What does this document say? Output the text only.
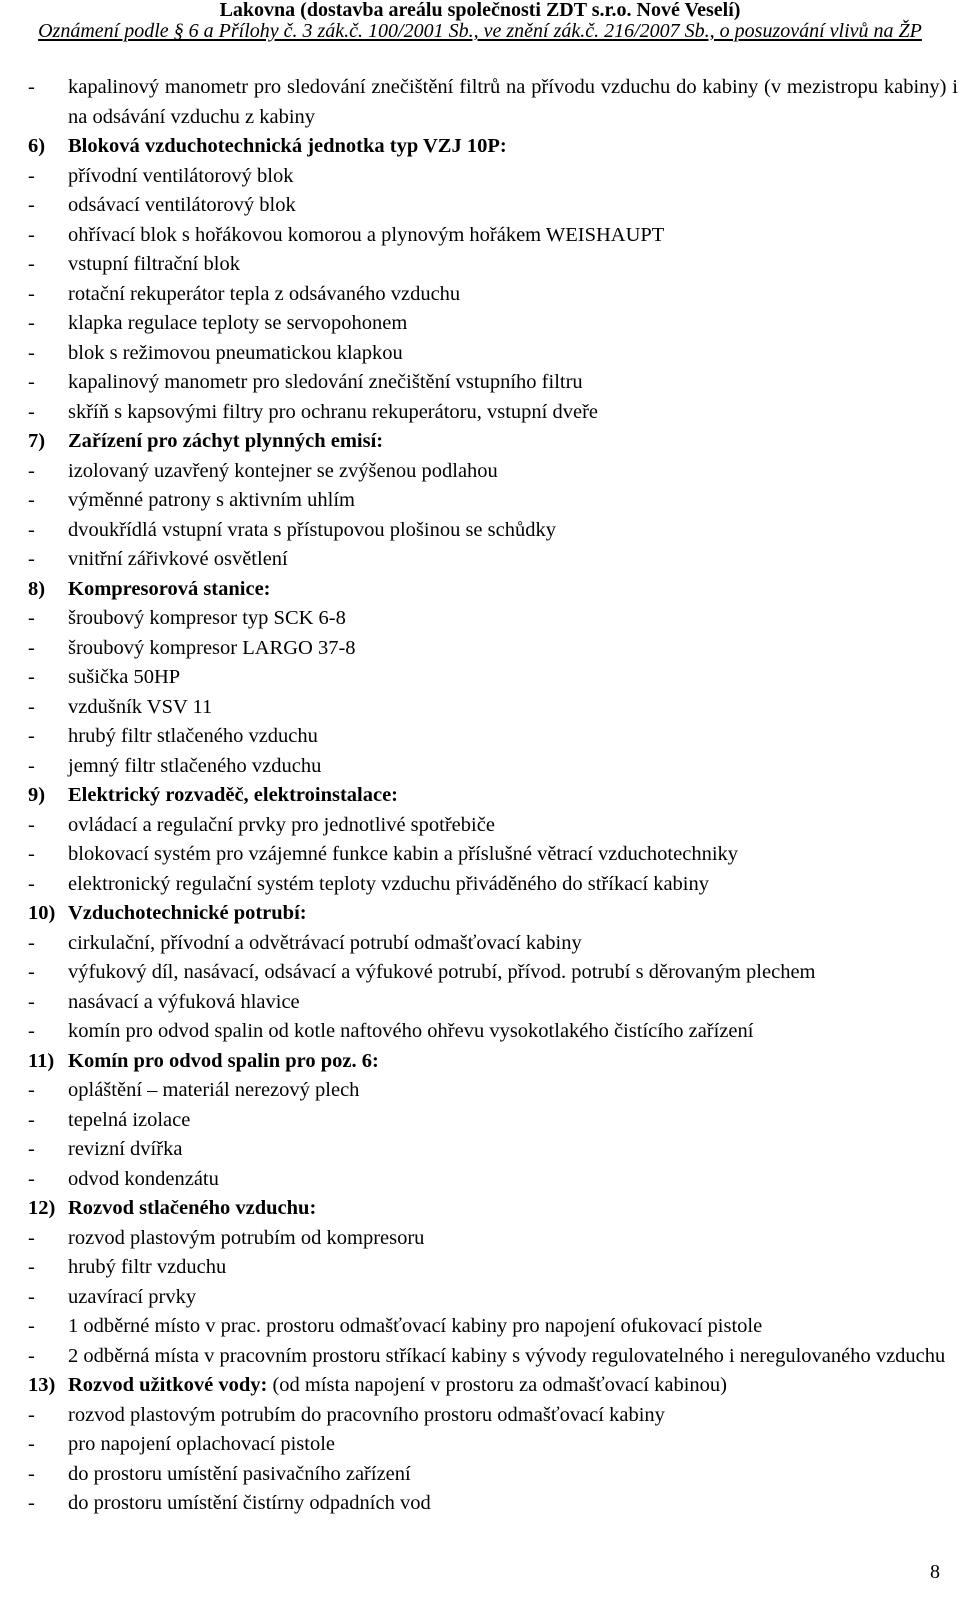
Lakovna (dostavba areálu společnosti ZDT s.r.o. Nové Veselí)
Oznámení podle § 6 a Přílohy č. 3 zák.č. 100/2001 Sb., ve znění zák.č. 216/2007 Sb., o posuzování vlivů na ŽP
-	kapalinový manometr pro sledování znečištění filtrů na přívodu vzduchu do kabiny (v mezistropu kabiny) i na odsávání vzduchu z kabiny
6)	Bloková vzduchotechnická jednotka typ VZJ 10P:
-	přívodní ventilátorový blok
-	odsávací ventilátorový blok
-	ohřívací blok s hořákovou komorou a plynovým hořákem WEISHAUPT
-	vstupní filtrační blok
-	rotační rekuperátor tepla z odsávaného vzduchu
-	klapka regulace teploty se servopohonem
-	blok s režimovou pneumatickou klapkou
-	kapalinový manometr pro sledování znečištění vstupního filtru
-	skříň s kapsovými filtry pro ochranu rekuperátoru, vstupní dveře
7)	Zařízení pro záchyt plynných emisí:
-	izolovaný uzavřený kontejner se zvýšenou podlahou
-	výměnné patrony s aktivním uhlím
-	dvoukřídlá vstupní vrata s přístupovou plošinou se schůdky
-	vnitřní zářivkové osvětlení
8)	Kompresorová stanice:
-	šroubový kompresor typ SCK 6-8
-	šroubový kompresor LARGO 37-8
-	sušička 50HP
-	vzdušník VSV 11
-	hrubý filtr stlačeného vzduchu
-	jemný filtr stlačeného vzduchu
9)	Elektrický rozvaděč, elektroinstalace:
-	ovládací a regulační prvky pro jednotlivé spotřebiče
-	blokovací systém pro vzájemné funkce kabin a příslušné větrací vzduchotechniky
-	elektronický regulační systém teploty vzduchu přiváděného do stříkací kabiny
10) Vzduchotechnické potrubí:
-	cirkulační, přívodní a odvětrávací potrubí odmašťovací kabiny
-	výfukový díl, nasávací, odsávací a výfukové potrubí, přívod. potrubí s děrovaným plechem
-	nasávací a výfuková hlavice
-	komín pro odvod spalin od kotle naftového ohřevu vysokotlakého čistícího zařízení
11) Komín pro odvod spalin pro poz. 6:
-	opláštění – materiál nerezový plech
-	tepelná izolace
-	revizní dvířka
-	odvod kondenzátu
12) Rozvod stlačeného vzduchu:
-	rozvod plastovým potrubím od kompresoru
-	hrubý filtr vzduchu
-	uzavírací prvky
-	1 odběrné místo v prac. prostoru odmašťovací kabiny pro napojení ofukovací pistole
-	2 odběrná místa v pracovním prostoru stříkací kabiny s vývody regulovatelného i neregulovaného vzduchu
13) Rozvod užitkové vody: (od místa napojení v prostoru za odmašťovací kabinou)
-	rozvod plastovým potrubím do pracovního prostoru odmašťovací kabiny
-	pro napojení oplachovací pistole
-	do prostoru umístění pasivačního zařízení
-	do prostoru umístění čistírny odpadních vod
8
